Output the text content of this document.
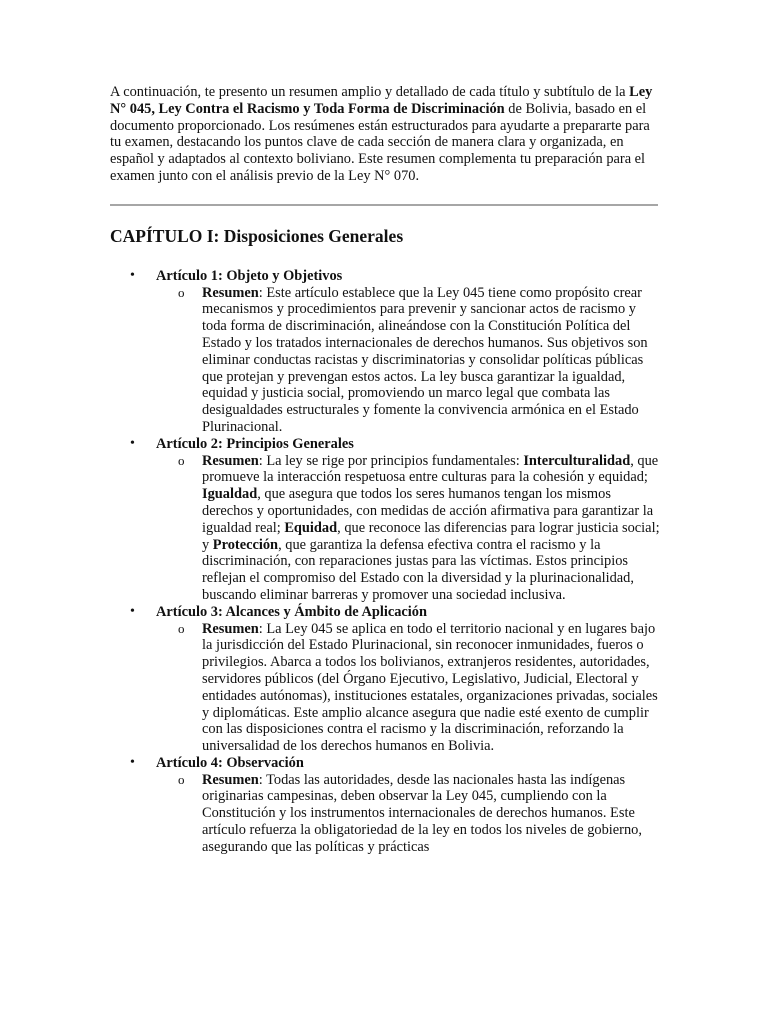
A continuación, te presento un resumen amplio y detallado de cada título y subtítulo de la Ley N° 045, Ley Contra el Racismo y Toda Forma de Discriminación de Bolivia, basado en el documento proporcionado. Los resúmenes están estructurados para ayudarte a prepararte para tu examen, destacando los puntos clave de cada sección de manera clara y organizada, en español y adaptados al contexto boliviano. Este resumen complementa tu preparación para el examen junto con el análisis previo de la Ley N° 070.

CAPÍTULO I: Disposiciones Generales
• Artículo 1: Objeto y Objetivos
o Resumen: Este artículo establece que la Ley 045 tiene como propósito crear mecanismos y procedimientos para prevenir y sancionar actos de racismo y toda forma de discriminación, alineándose con la Constitución Política del Estado y los tratados internacionales de derechos humanos. Sus objetivos son eliminar conductas racistas y discriminatorias y consolidar políticas públicas que protejan y prevengan estos actos. La ley busca garantizar la igualdad, equidad y justicia social, promoviendo un marco legal que combata las desigualdades estructurales y fomente la convivencia armónica en el Estado Plurinacional.
• Artículo 2: Principios Generales
o Resumen: La ley se rige por principios fundamentales: Interculturalidad, que promueve la interacción respetuosa entre culturas para la cohesión y equidad; Igualdad, que asegura que todos los seres humanos tengan los mismos derechos y oportunidades, con medidas de acción afirmativa para garantizar la igualdad real; Equidad, que reconoce las diferencias para lograr justicia social; y Protección, que garantiza la defensa efectiva contra el racismo y la discriminación, con reparaciones justas para las víctimas. Estos principios reflejan el compromiso del Estado con la diversidad y la plurinacionalidad, buscando eliminar barreras y promover una sociedad inclusiva.
• Artículo 3: Alcances y Ámbito de Aplicación
o Resumen: La Ley 045 se aplica en todo el territorio nacional y en lugares bajo la jurisdicción del Estado Plurinacional, sin reconocer inmunidades, fueros o privilegios. Abarca a todos los bolivianos, extranjeros residentes, autoridades, servidores públicos (del Órgano Ejecutivo, Legislativo, Judicial, Electoral y entidades autónomas), instituciones estatales, organizaciones privadas, sociales y diplomáticas. Este amplio alcance asegura que nadie esté exento de cumplir con las disposiciones contra el racismo y la discriminación, reforzando la universalidad de los derechos humanos en Bolivia.
• Artículo 4: Observación
o Resumen: Todas las autoridades, desde las nacionales hasta las indígenas originarias campesinas, deben observar la Ley 045, cumpliendo con la Constitución y los instrumentos internacionales de derechos humanos. Este artículo refuerza la obligatoriedad de la ley en todos los niveles de gobierno, asegurando que las políticas y prácticas
